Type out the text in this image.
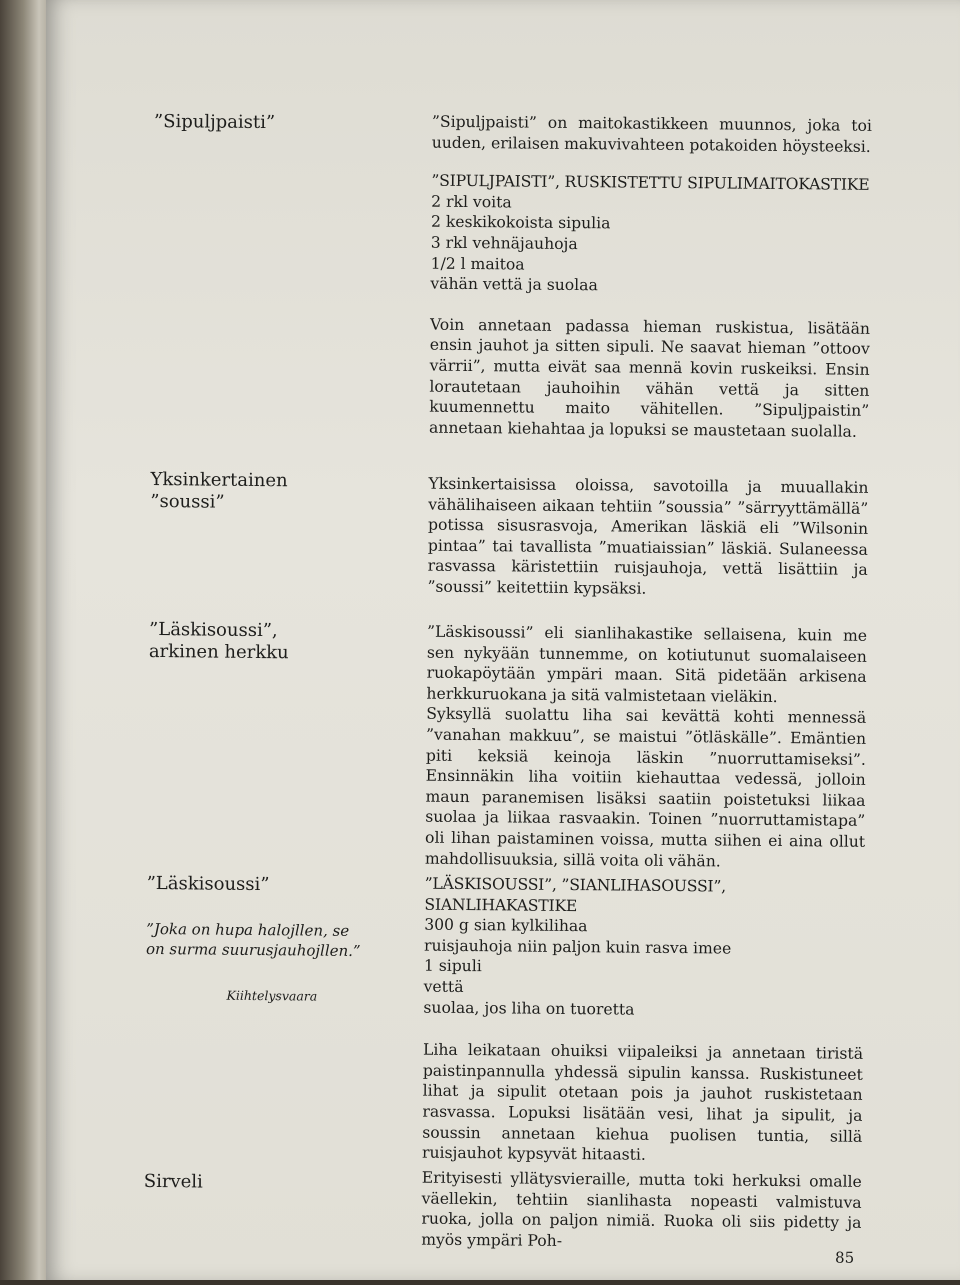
”Sipuljpaisti”	”Sipuljpaisti” on maitokastikkeen muunnos, joka toi uuden, erilaisen makuvivahteen potakoiden höysteeksi.

”SIPULJPAISTI”, RUSKISTETTU SIPULIMAITOKASTIKE
2 rkl voita
2 keskikokoista sipulia
3 rkl vehnäjauhoja
1/2 l maitoa
vähän vettä ja suolaa

Voin annetaan padassa hieman ruskistua, lisätään ensin jauhot ja sitten sipuli. Ne saavat hieman ”ottoov värrii”, mutta eivät saa mennä kovin ruskeiksi. Ensin lorautetaan jauhoihin vähän vettä ja sitten kuumennettu maito vähitellen. ”Sipuljpaistin” annetaan kiehahtaa ja lopuksi se maustetaan suolalla.

Yksinkertainen
”soussi”

Yksinkertaisissa oloissa, savotoilla ja muuallakin vähälihaiseen aikaan tehtiin ”soussia” ”särryyttämällä” potissa sisusrasvoja, Amerikan läskiä eli ”Wilsonin pintaa” tai tavallista ”muatiaissian” läskiä. Sulaneessa rasvassa käristettiin ruisjauhoja, vettä lisättiin ja ”soussi” keitettiin kypsäksi.

”Läskisoussi”,
arkinen herkku

”Läskisoussi” eli sianlihakastike sellaisena, kuin me sen nykyään tunnemme, on kotiutunut suomalaiseen ruokapöytään ympäri maan. Sitä pidetään arkisena herkkuruokana ja sitä valmistetaan vieläkin.

Syksyllä suolattu liha sai kevättä kohti mennessä ”vanahan makkuu”, se maistui ”ötläskälle”. Emäntien piti keksiä keinoja läskin ”nuorruttamiseksi”. Ensinnäkin liha voitiin kiehauttaa vedessä, jolloin maun paranemisen lisäksi saatiin poistetuksi liikaa suolaa ja liikaa rasvaakin. Toinen ”nuorruttamistapa” oli lihan paistaminen voissa, mutta siihen ei aina ollut mahdollisuuksia, sillä voita oli vähän.

”Läskisoussi”
”Joka on hupa halojllen, se on surma suurusjauhojllen.”
Kiihtelysvaara
”LÄSKISOUSSI”, ”SIANLIHASOUSSI”,
SIANLIHAKASTIKE
300 g sian kylkilihaa
ruisjauhoja niin paljon kuin rasva imee
1 sipuli
vettä
suolaa, jos liha on tuoretta

Liha leikataan ohuiksi viipaleiksi ja annetaan tiristä paistinpannulla yhdessä sipulin kanssa. Ruskistuneet lihat ja sipulit otetaan pois ja jauhot ruskistetaan rasvassa. Lopuksi lisätään vesi, lihat ja sipulit, ja soussin annetaan kiehua puolisen tuntia, sillä ruisjauhot kypsyvät hitaasti.

Sirveli	Erityisesti yllätysvieraille, mutta toki herkuksi omalle väellekin, tehtiin sianlihasta nopeasti valmistuva ruoka, jolla on paljon nimiä. Ruoka oli siis pidetty ja myös ympäri Poh-

85
